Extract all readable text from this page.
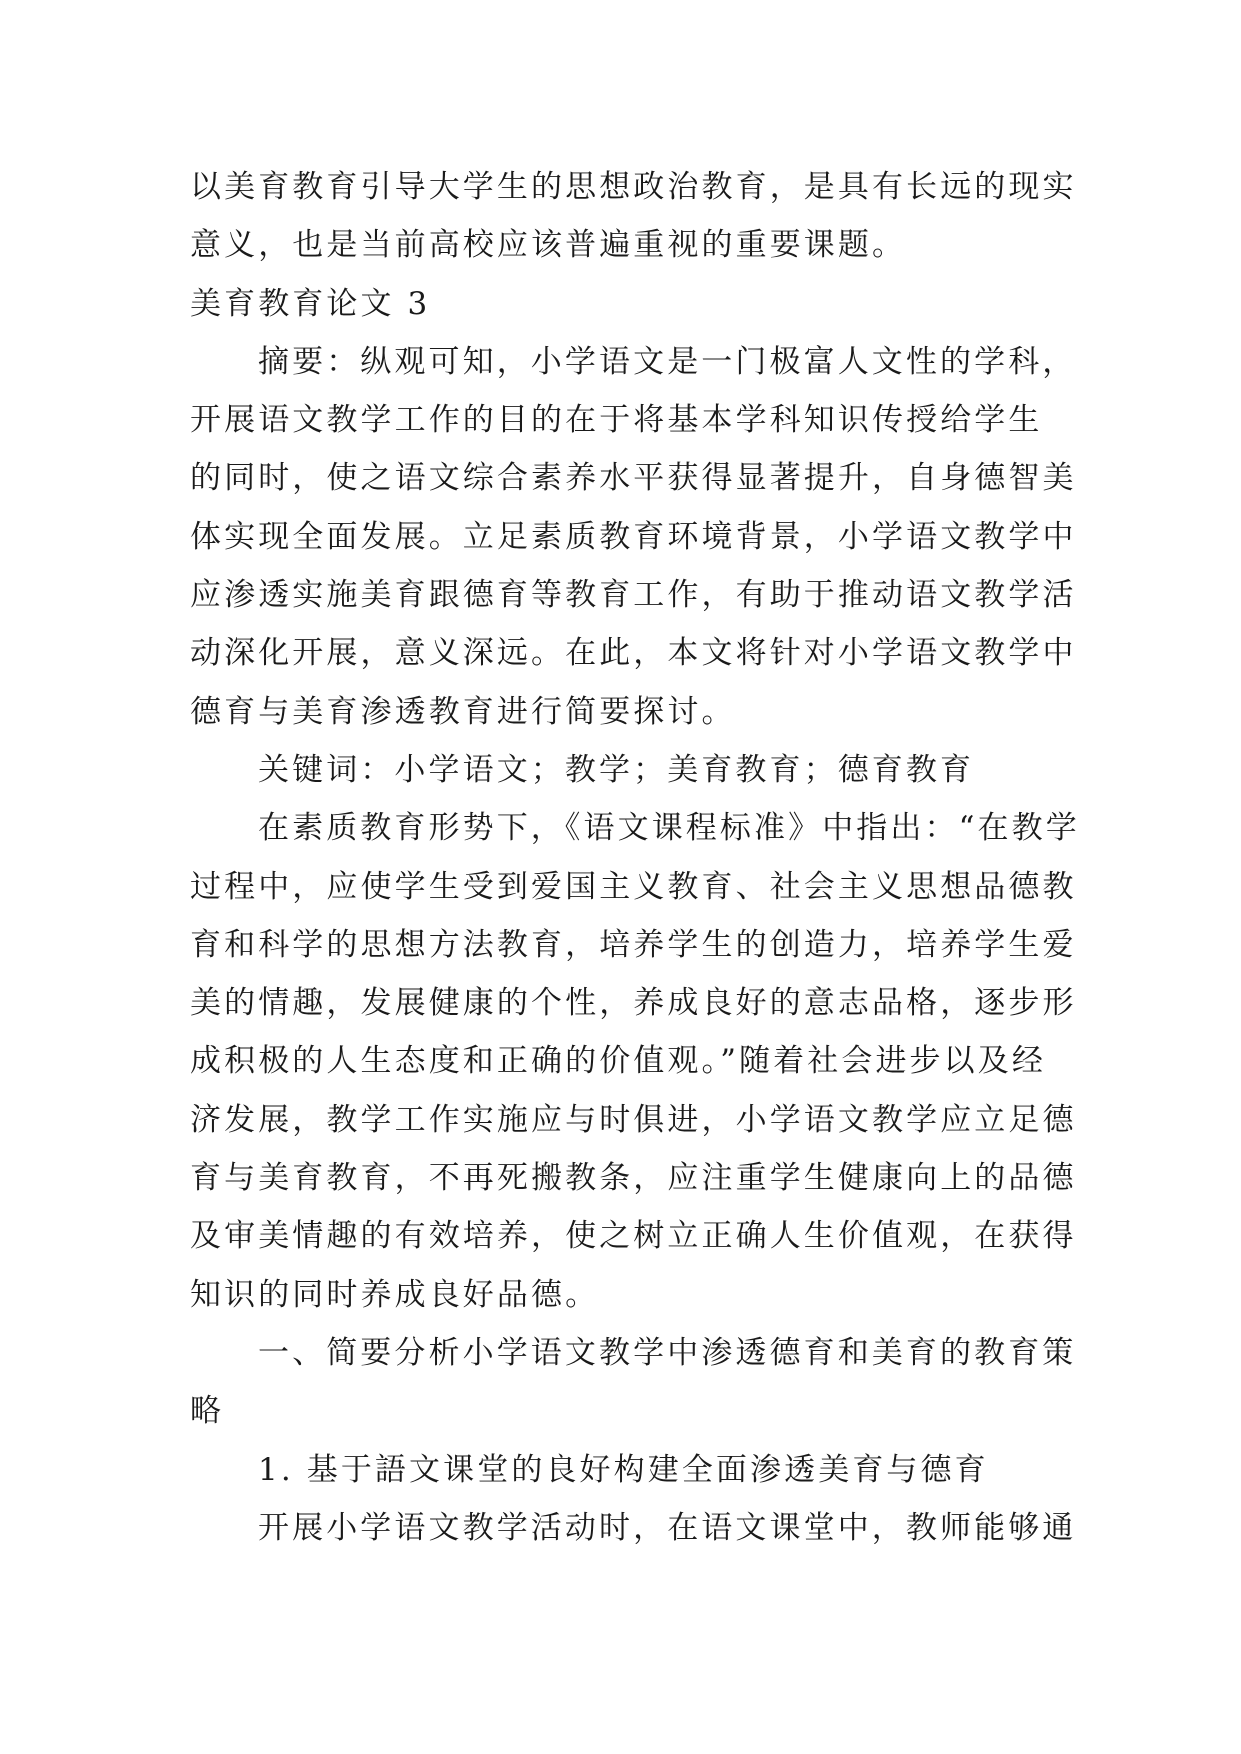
以美育教育引导大学生的思想政治教育，是具有长远的现实
意义，也是当前高校应该普遍重视的重要课题。
美育教育论文 3
摘要：纵观可知，小学语文是一门极富人文性的学科，
开展语文教学工作的目的在于将基本学科知识传授给学生
的同时，使之语文综合素养水平获得显著提升，自身德智美
体实现全面发展。立足素质教育环境背景，小学语文教学中
应渗透实施美育跟德育等教育工作，有助于推动语文教学活
动深化开展，意义深远。在此，本文将针对小学语文教学中
德育与美育渗透教育进行简要探讨。
关键词：小学语文；教学；美育教育；德育教育
在素质教育形势下，《语文课程标准》中指出：“在教学
过程中，应使学生受到爱国主义教育、社会主义思想品德教
育和科学的思想方法教育，培养学生的创造力，培养学生爱
美的情趣，发展健康的个性，养成良好的意志品格，逐步形
成积极的人生态度和正确的价值观。”随着社会进步以及经
济发展，教学工作实施应与时俱进，小学语文教学应立足德
育与美育教育，不再死搬教条，应注重学生健康向上的品德
及审美情趣的有效培养，使之树立正确人生价值观，在获得
知识的同时养成良好品德。
一、简要分析小学语文教学中渗透德育和美育的教育策
略
1. 基于語文课堂的良好构建全面渗透美育与德育
开展小学语文教学活动时，在语文课堂中，教师能够通
